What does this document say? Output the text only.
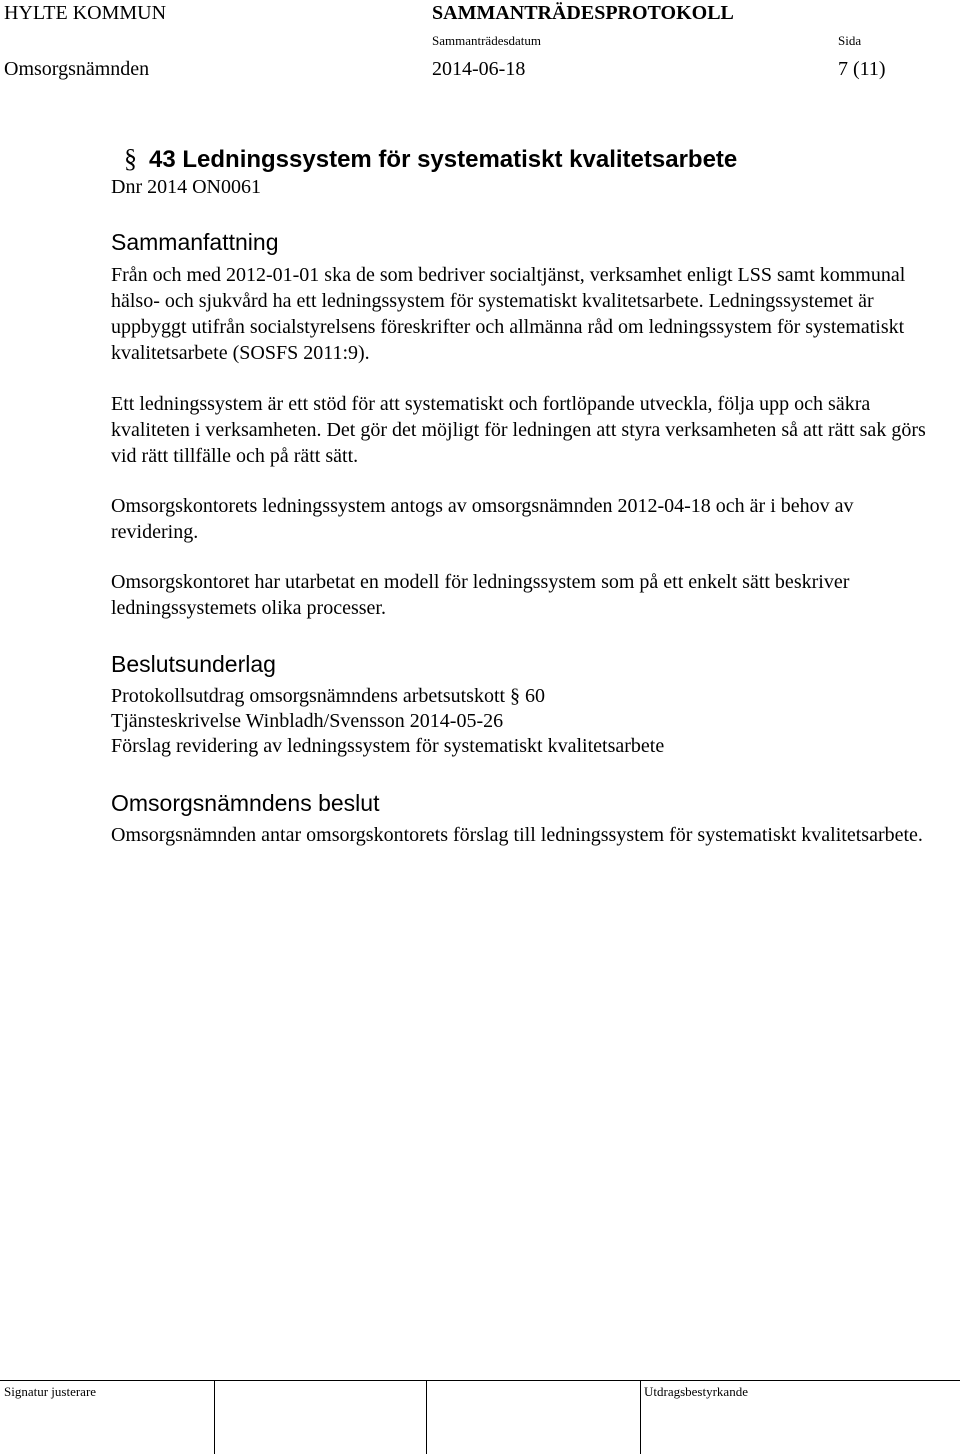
HYLTE KOMMUN	SAMMANTRÄDESPROTOKOLL
Sammanträdesdatum	Sida
Omsorgsnämnden	2014-06-18	7 (11)
§ 43 Ledningssystem för systematiskt kvalitetsarbete
Dnr 2014 ON0061
Sammanfattning
Från och med 2012-01-01 ska de som bedriver socialtjänst, verksamhet enligt LSS samt kommunal hälso- och sjukvård ha ett ledningssystem för systematiskt kvalitetsarbete. Ledningssystemet är uppbyggt utifrån socialstyrelsens föreskrifter och allmänna råd om ledningssystem för systematiskt kvalitetsarbete (SOSFS 2011:9).
Ett ledningssystem är ett stöd för att systematiskt och fortlöpande utveckla, följa upp och säkra kvaliteten i verksamheten. Det gör det möjligt för ledningen att styra verksamheten så att rätt sak görs vid rätt tillfälle och på rätt sätt.
Omsorgskontorets ledningssystem antogs av omsorgsnämnden 2012-04-18 och är i behov av revidering.
Omsorgskontoret har utarbetat en modell för ledningssystem som på ett enkelt sätt beskriver ledningssystemets olika processer.
Beslutsunderlag
Protokollsutdrag omsorgsnämndens arbetsutskott § 60
Tjänsteskrivelse Winbladh/Svensson 2014-05-26
Förslag revidering av ledningssystem för systematiskt kvalitetsarbete
Omsorgsnämndens beslut
Omsorgsnämnden antar omsorgskontorets förslag till ledningssystem för systematiskt kvalitetsarbete.
Signatur justerare	Utdragsbestyrkande
